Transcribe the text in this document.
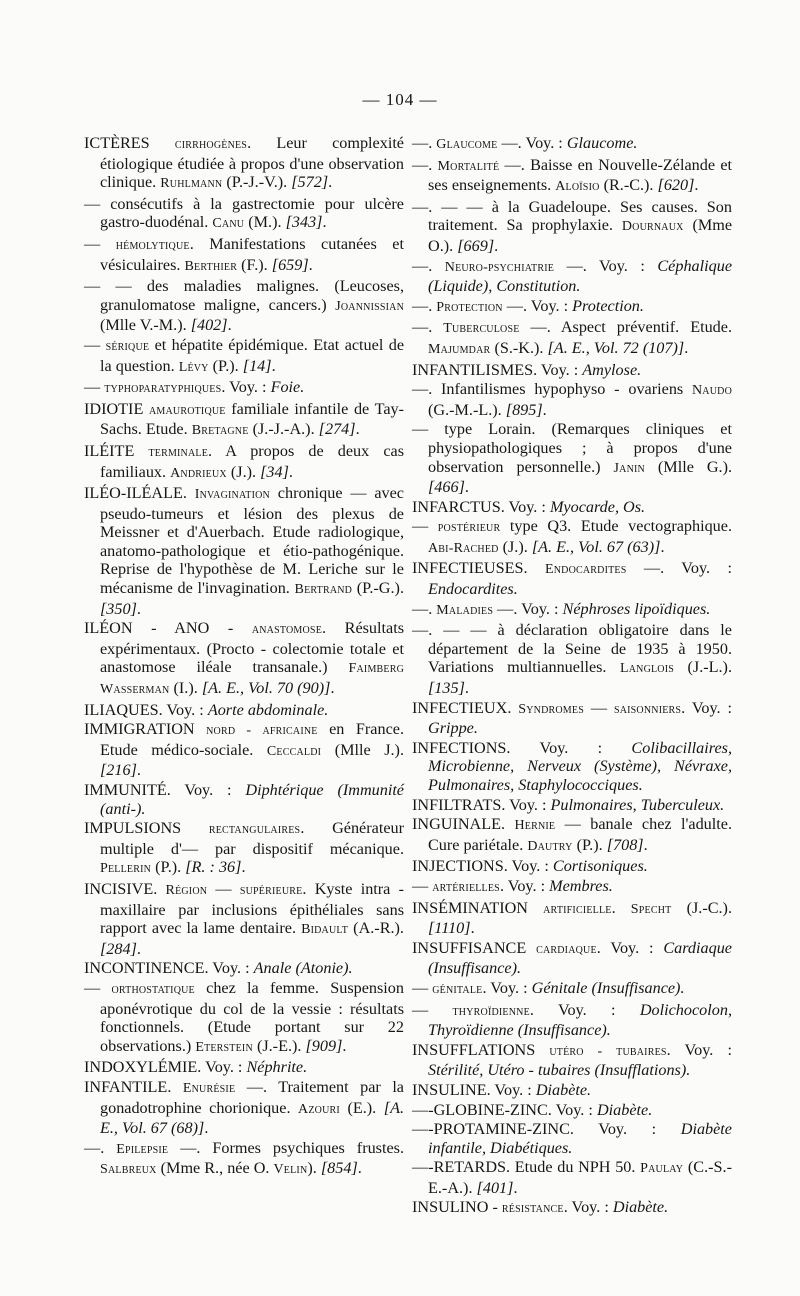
— 104 —

ICTÈRES cirrhogènes. Leur complexité étiologique étudiée à propos d'une observation clinique. Ruhlmann (P.-J.-V.). [572].

— consécutifs à la gastrectomie pour ulcère gastro-duodénal. Canu (M.). [343].

— hémolytique. Manifestations cutanées et vésiculaires. Berthier (F.). [659].

— — des maladies malignes. (Leucoses, granulomatose maligne, cancers.) Joannissian (Mlle V.-M.). [402].

— sérique et hépatite épidémique. Etat actuel de la question. Lévy (P.). [14].

— typhoparatyphiques. Voy. : Foie.

IDIOTIE amaurotique familiale infantile de Tay-Sachs. Etude. Bretagne (J.-J.-A.). [274].

ILÉITE terminale. A propos de deux cas familiaux. Andrieux (J.). [34].

ILÉO-ILÉALE. Invagination chronique — avec pseudo-tumeurs et lésion des plexus de Meissner et d'Auerbach. Etude radiologique, anatomo-pathologique et étio-pathogénique. Reprise de l'hypothèse de M. Leriche sur le mécanisme de l'invagination. Bertrand (P.-G.). [350].

ILÉON - ANO - anastomose. Résultats expérimentaux. (Procto - colectomie totale et anastomose iléale transanale.) Faimberg Wasserman (I.). [A. E., Vol. 70 (90)].

ILIAQUES. Voy. : Aorte abdominale.

IMMIGRATION nord - africaine en France. Etude médico-sociale. Ceccaldi (Mlle J.). [216].

IMMUNITÉ. Voy. : Diphtérique (Immunité (anti-).

IMPULSIONS rectangulaires. Générateur multiple d'— par dispositif mécanique. Pellerin (P.). [R. : 36].

INCISIVE. Région — supérieure. Kyste intra - maxillaire par inclusions épithéliales sans rapport avec la lame dentaire. Bidault (A.-R.). [284].

INCONTINENCE. Voy. : Anale (Atonie).

— orthostatique chez la femme. Suspension aponévrotique du col de la vessie : résultats fonctionnels. (Etude portant sur 22 observations.) Eterstein (J.-E.). [909].

INDOXYLÉMIE. Voy. : Néphrite.

INFANTILE. Enurésie —. Traitement par la gonadotrophine chorionique. Azouri (E.). [A. E., Vol. 67 (68)].

—. Epilepsie —. Formes psychiques frustes. Salbreux (Mme R., née O. Velin). [854].

—. Glaucome —. Voy. : Glaucome.

—. Mortalité —. Baisse en Nouvelle-Zélande et ses enseignements. Aloïsio (R.-C.). [620].

—. — — à la Guadeloupe. Ses causes. Son traitement. Sa prophylaxie. Dournaux (Mme O.). [669].

—. Neuro-psychiatrie —. Voy. : Céphalique (Liquide), Constitution.

—. Protection —. Voy. : Protection.

—. Tuberculose —. Aspect préventif. Etude. Majumdar (S.-K.). [A. E., Vol. 72 (107)].

INFANTILISMES. Voy. : Amylose.

—. Infantilismes hypophyso - ovariens Naudo (G.-M.-L.). [895].

— type Lorain. (Remarques cliniques et physiopathologiques ; à propos d'une observation personnelle.) Janin (Mlle G.). [466].

INFARCTUS. Voy. : Myocarde, Os.

— postérieur type Q3. Etude vectographique. Abi-Rached (J.). [A. E., Vol. 67 (63)].

INFECTIEUSES. Endocardites —. Voy. : Endocardites.

—. Maladies —. Voy. : Néphroses lipoïdiques.

—. — — à déclaration obligatoire dans le département de la Seine de 1935 à 1950. Variations multiannuelles. Langlois (J.-L.). [135].

INFECTIEUX. Syndromes — saisonniers. Voy. : Grippe.

INFECTIONS. Voy. : Colibacillaires, Microbienne, Nerveux (Système), Névraxe, Pulmonaires, Staphylococciques.

INFILTRATS. Voy. : Pulmonaires, Tuberculeux.

INGUINALE. Hernie — banale chez l'adulte. Cure pariétale. Dautry (P.). [708].

INJECTIONS. Voy. : Cortisoniques.

— artérielles. Voy. : Membres.

INSÉMINATION artificielle. Specht (J.-C.). [1110].

INSUFFISANCE cardiaque. Voy. : Cardiaque (Insuffisance).

— génitale. Voy. : Génitale (Insuffisance).

— thyroïdienne. Voy. : Dolichocolon, Thyroïdienne (Insuffisance).

INSUFFLATIONS utéro - tubaires. Voy. : Stérilité, Utéro - tubaires (Insufflations).

INSULINE. Voy. : Diabète.

—-GLOBINE-ZINC. Voy. : Diabète.

—-PROTAMINE-ZINC. Voy. : Diabète infantile, Diabétiques.

—-RETARDS. Etude du NPH 50. Paulay (C.-S.-E.-A.). [401].

INSULINO - résistance. Voy. : Diabète.
